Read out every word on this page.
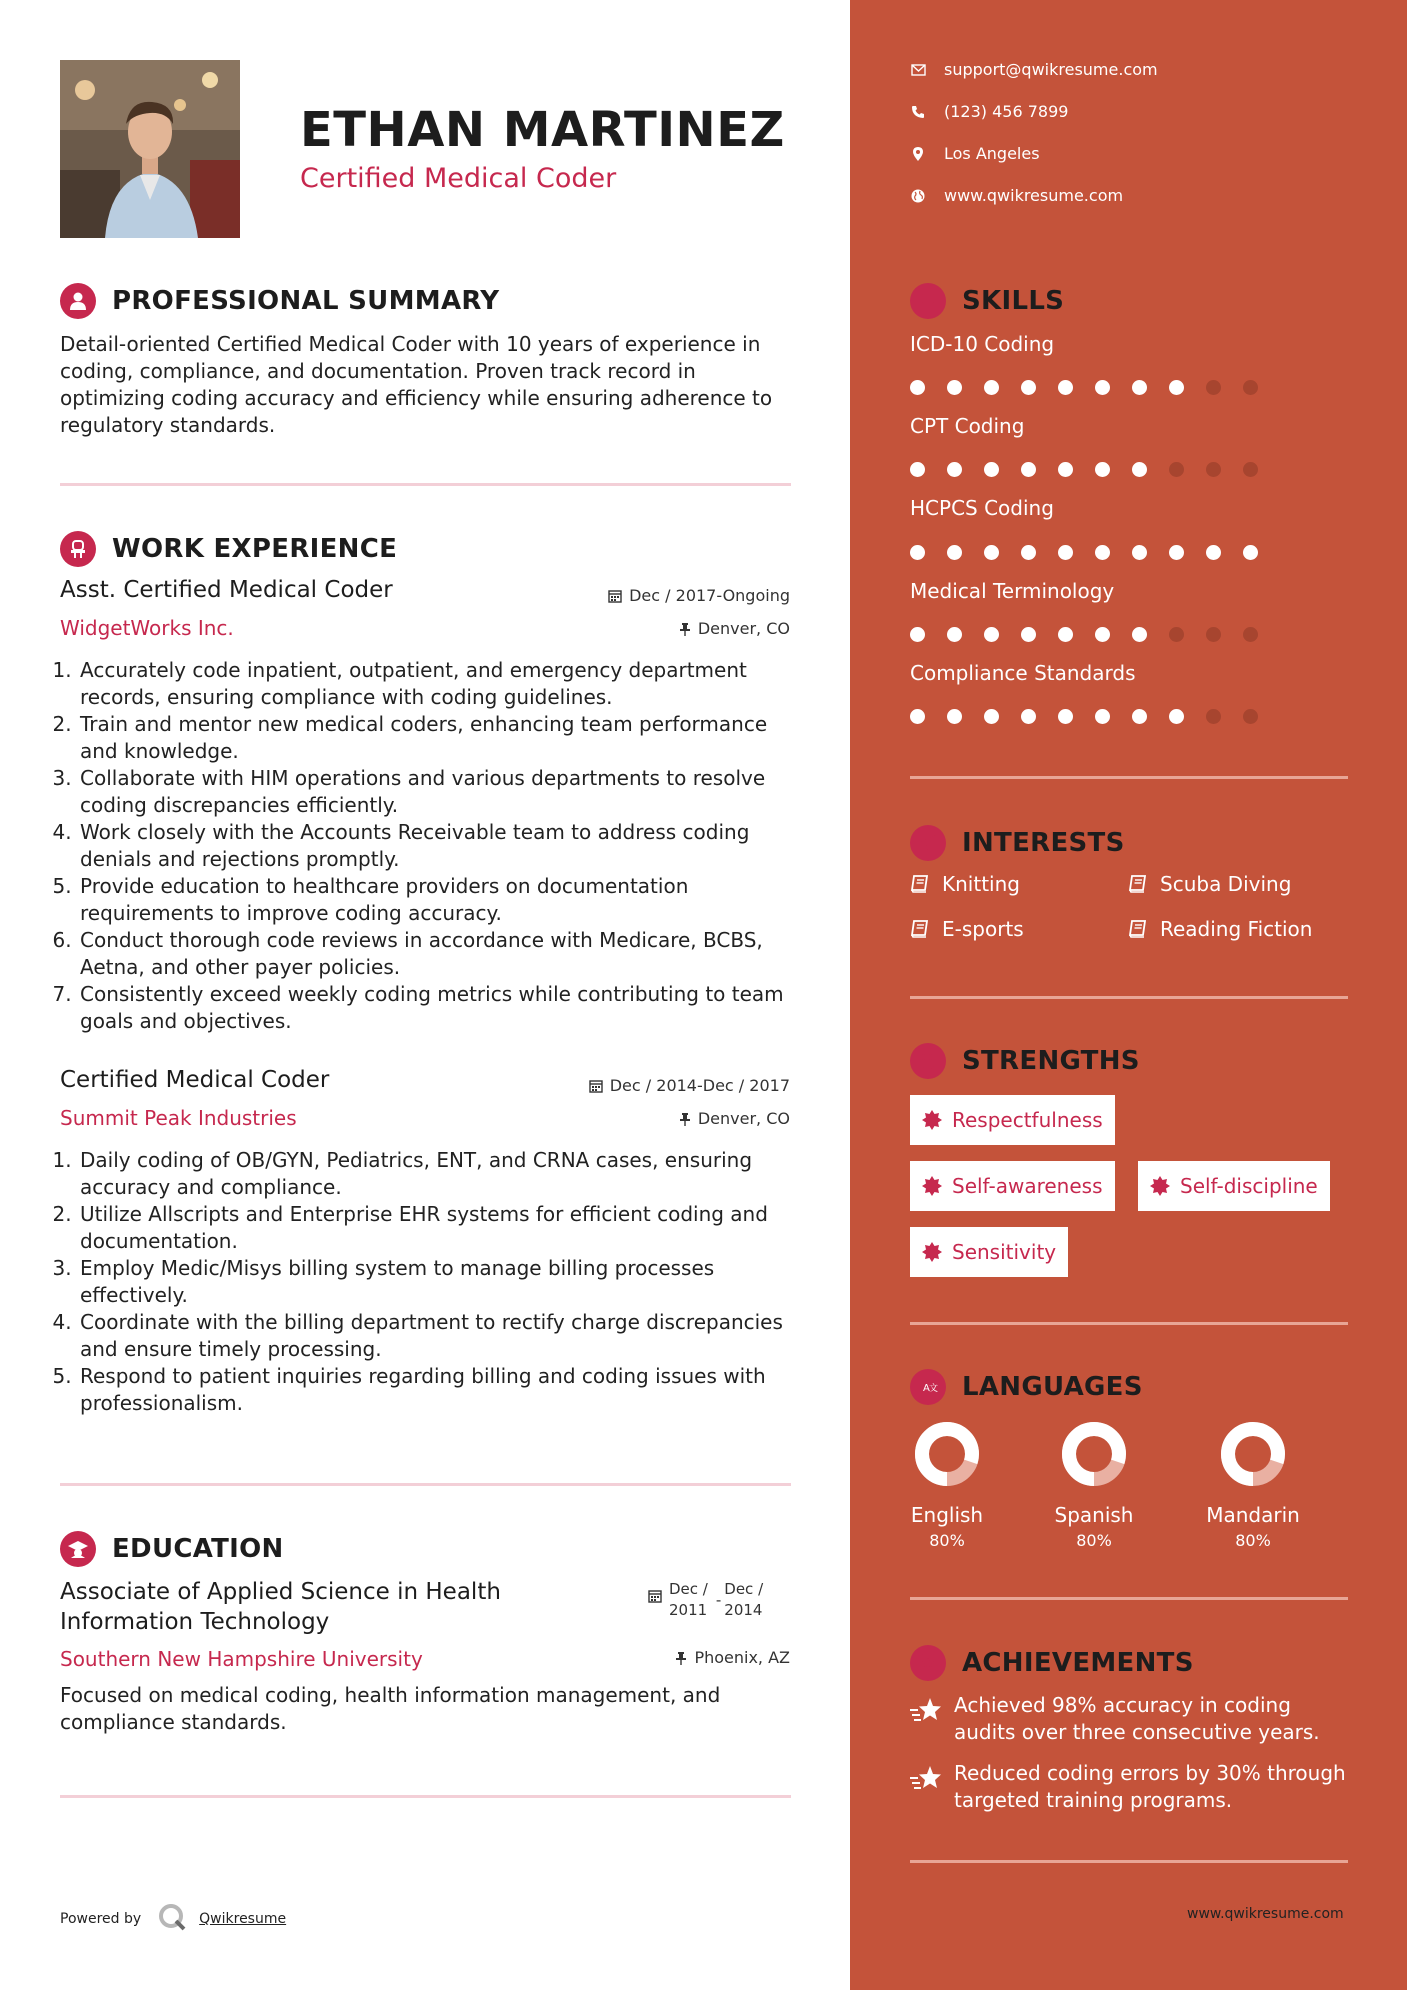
ETHAN MARTINEZ
Certified Medical Coder
PROFESSIONAL SUMMARY
Detail-oriented Certified Medical Coder with 10 years of experience in coding, compliance, and documentation. Proven track record in optimizing coding accuracy and efficiency while ensuring adherence to regulatory standards.
WORK EXPERIENCE
Asst. Certified Medical Coder	Dec / 2017-Ongoing
WidgetWorks Inc.	Denver, CO
1. Accurately code inpatient, outpatient, and emergency department records, ensuring compliance with coding guidelines.
2. Train and mentor new medical coders, enhancing team performance and knowledge.
3. Collaborate with HIM operations and various departments to resolve coding discrepancies efficiently.
4. Work closely with the Accounts Receivable team to address coding denials and rejections promptly.
5. Provide education to healthcare providers on documentation requirements to improve coding accuracy.
6. Conduct thorough code reviews in accordance with Medicare, BCBS, Aetna, and other payer policies.
7. Consistently exceed weekly coding metrics while contributing to team goals and objectives.
Certified Medical Coder	Dec / 2014-Dec / 2017
Summit Peak Industries	Denver, CO
1. Daily coding of OB/GYN, Pediatrics, ENT, and CRNA cases, ensuring accuracy and compliance.
2. Utilize Allscripts and Enterprise EHR systems for efficient coding and documentation.
3. Employ Medic/Misys billing system to manage billing processes effectively.
4. Coordinate with the billing department to rectify charge discrepancies and ensure timely processing.
5. Respond to patient inquiries regarding billing and coding issues with professionalism.
EDUCATION
Associate of Applied Science in Health Information Technology
Dec /
2011
-
Dec /
2014
Southern New Hampshire University	Phoenix, AZ
Focused on medical coding, health information management, and compliance standards.
Powered by	Qwikresume
support@qwikresume.com
(123) 456 7899
Los Angeles
www.qwikresume.com
SKILLS
ICD-10 Coding
CPT Coding
HCPCS Coding
Medical Terminology
Compliance Standards
INTERESTS
Knitting	Scuba Diving
E-sports	Reading Fiction
STRENGTHS
Respectfulness
Self-awareness	Self-discipline
Sensitivity
A 文 LANGUAGES
English
80%
Spanish
80%
Mandarin
80%
ACHIEVEMENTS
Achieved 98% accuracy in coding audits over three consecutive years.
Reduced coding errors by 30% through targeted training programs.
www.qwikresume.com
